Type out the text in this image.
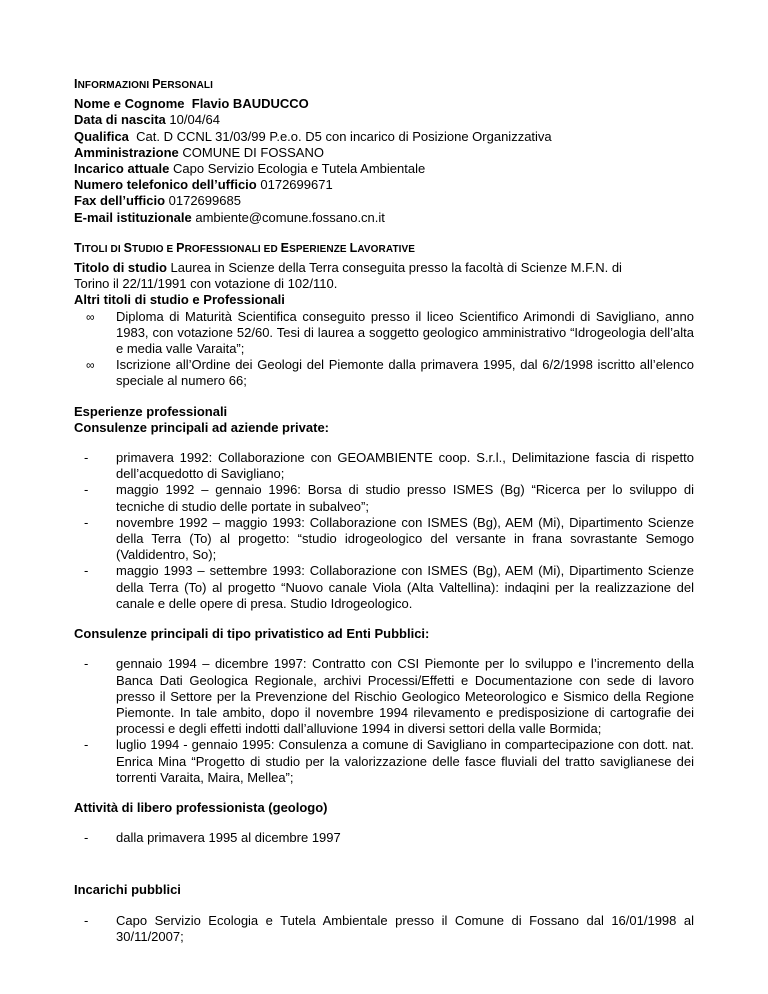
INFORMAZIONI PERSONALI
Nome e Cognome Flavio BAUDUCCO
Data di nascita 10/04/64
Qualifica Cat. D CCNL 31/03/99 P.e.o. D5 con incarico di Posizione Organizzativa
Amministrazione COMUNE DI FOSSANO
Incarico attuale Capo Servizio Ecologia e Tutela Ambientale
Numero telefonico dell’ufficio 0172699671
Fax dell’ufficio 0172699685
E-mail istituzionale ambiente@comune.fossano.cn.it
TITOLI DI STUDIO E PROFESSIONALI ED ESPERIENZE LAVORATIVE
Titolo di studio Laurea in Scienze della Terra conseguita presso la facoltà di Scienze M.F.N. di
Torino il 22/11/1991 con votazione di 102/110.
Altri titoli di studio e Professionali
∞ Diploma di Maturità Scientifica conseguito presso il liceo Scientifico Arimondi di Savigliano, anno 1983, con votazione 52/60. Tesi di laurea a soggetto geologico amministrativo “Idrogeologia dell’alta e media valle Varaita”;
∞ Iscrizione all’Ordine dei Geologi del Piemonte dalla primavera 1995, dal 6/2/1998 iscritto all’elenco speciale al numero 66;
Esperienze professionali
Consulenze principali ad aziende private:
- primavera 1992: Collaborazione con GEOAMBIENTE coop. S.r.l., Delimitazione fascia di rispetto dell’acquedotto di Savigliano;
- maggio 1992 – gennaio 1996: Borsa di studio presso ISMES (Bg) “Ricerca per lo sviluppo di tecniche di studio delle portate in subalveo”;
- novembre 1992 – maggio 1993: Collaborazione con ISMES (Bg), AEM (Mi), Dipartimento Scienze della Terra (To) al progetto: “studio idrogeologico del versante in frana sovrastante Semogo (Valdidentro, So);
- maggio 1993 – settembre 1993: Collaborazione con ISMES (Bg), AEM (Mi), Dipartimento Scienze della Terra (To) al progetto “Nuovo canale Viola (Alta Valtellina): indaqini per la realizzazione del canale e delle opere di presa. Studio Idrogeologico.
Consulenze principali di tipo privatistico ad Enti Pubblici:
- gennaio 1994 – dicembre 1997: Contratto con CSI Piemonte per lo sviluppo e l’incremento della Banca Dati Geologica Regionale, archivi Processi/Effetti e Documentazione con sede di lavoro presso il Settore per la Prevenzione del Rischio Geologico Meteorologico e Sismico della Regione Piemonte. In tale ambito, dopo il novembre 1994 rilevamento e predisposizione di cartografie dei processi e degli effetti indotti dall’alluvione 1994 in diversi settori della valle Bormida;
- luglio 1994 - gennaio 1995: Consulenza a comune di Savigliano in compartecipazione con dott. nat. Enrica Mina “Progetto di studio per la valorizzazione delle fasce fluviali del tratto saviglianese dei torrenti Varaita, Maira, Mellea”;
Attività di libero professionista (geologo)
- dalla primavera 1995 al dicembre 1997
Incarichi pubblici
- Capo Servizio Ecologia e Tutela Ambientale presso il Comune di Fossano dal 16/01/1998 al 30/11/2007;
